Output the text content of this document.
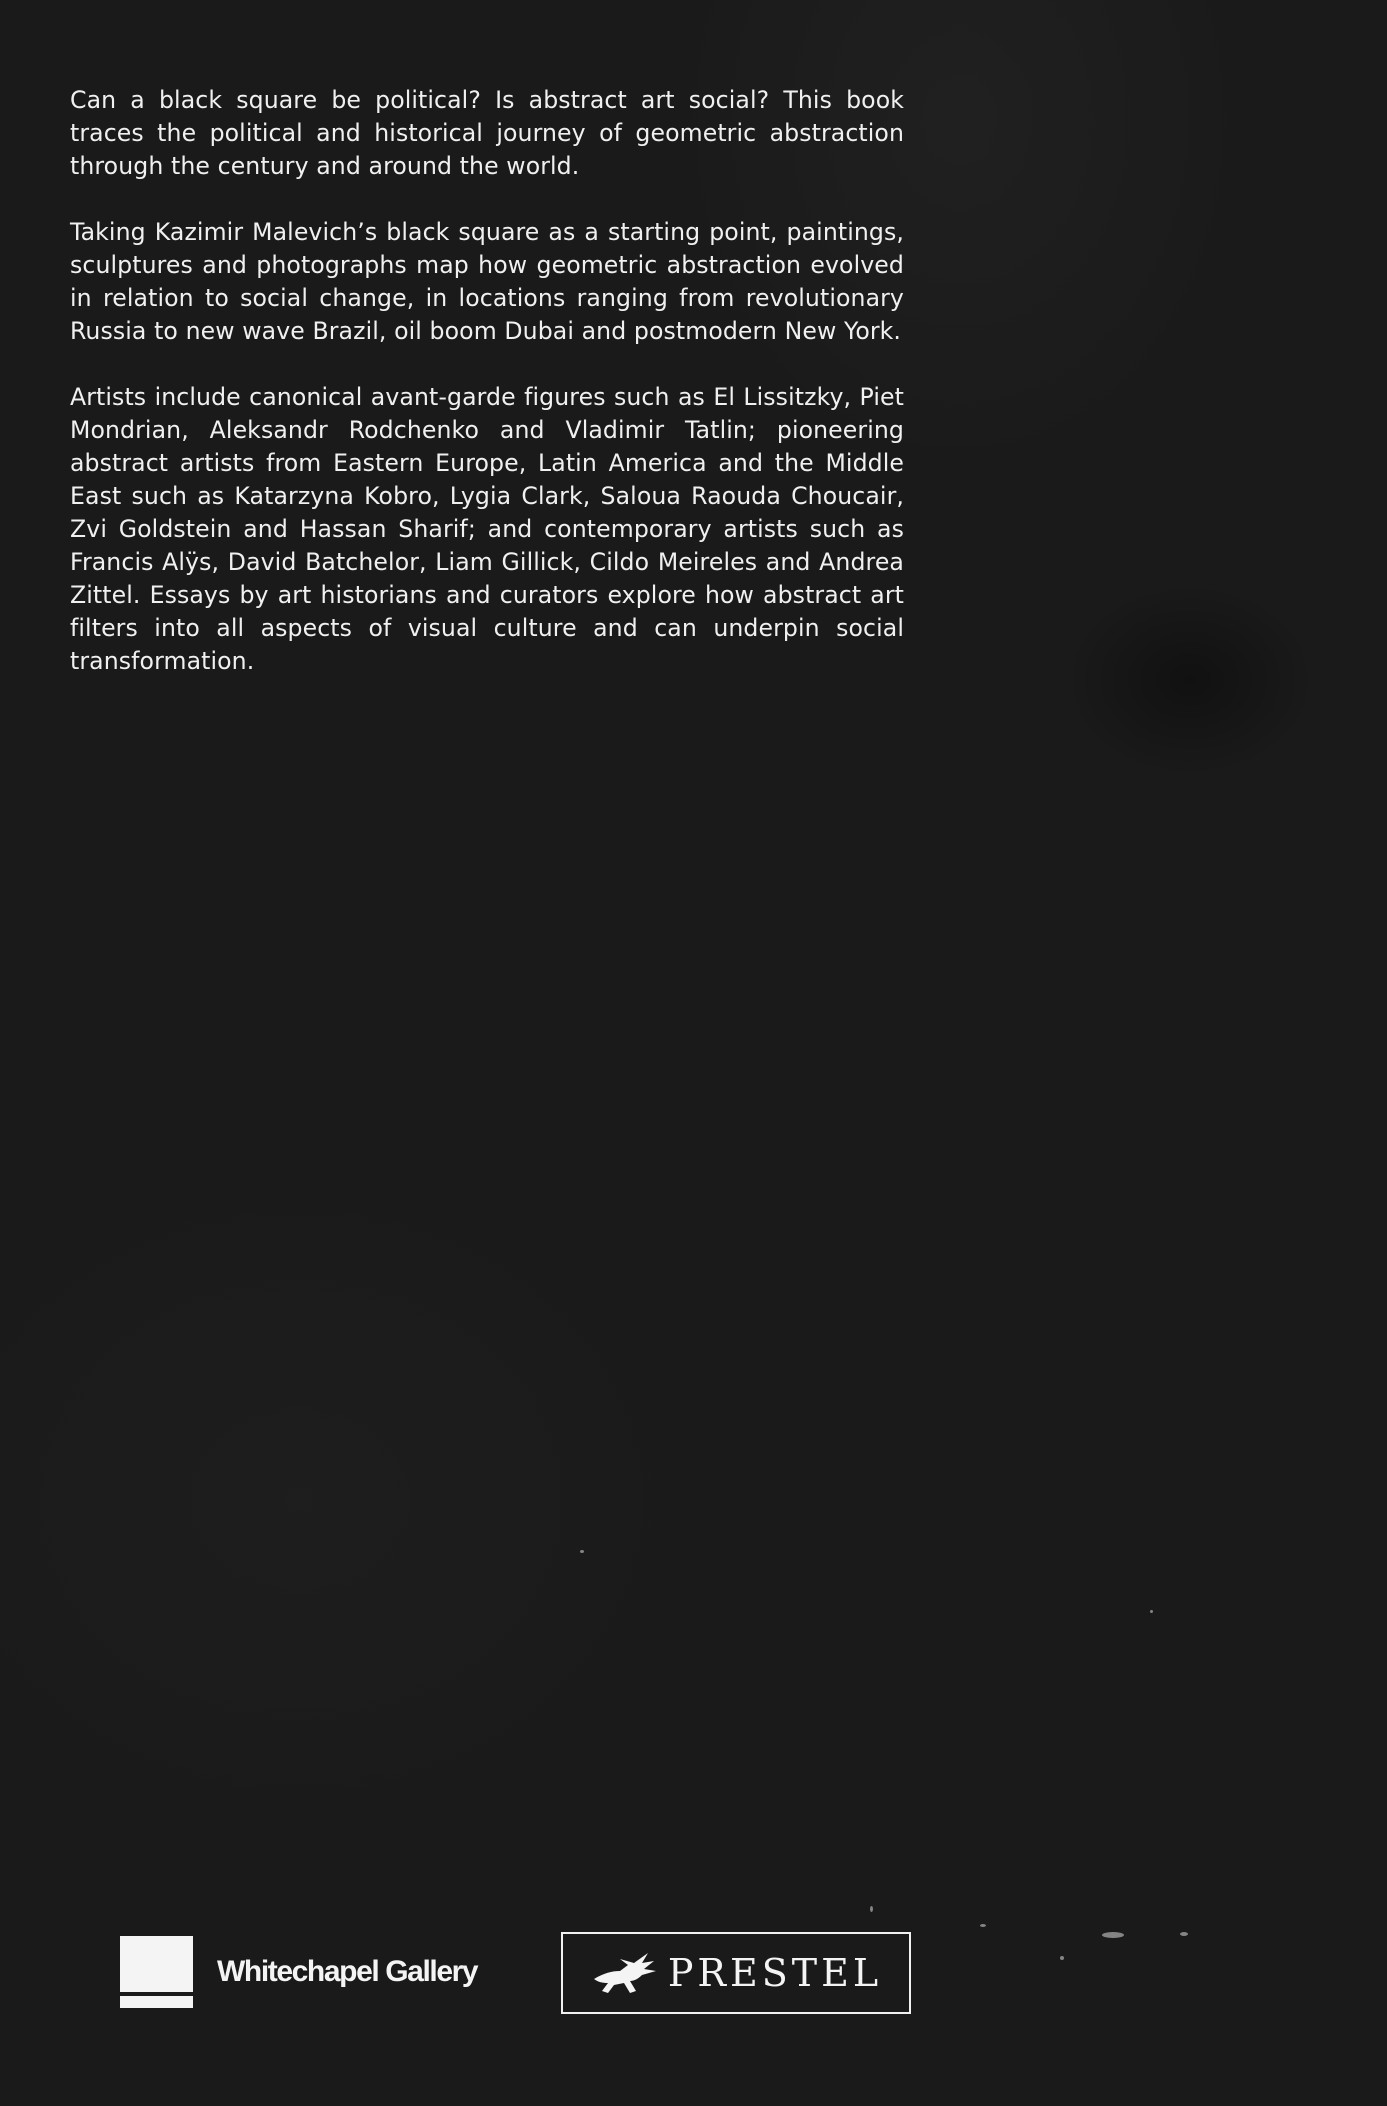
Can a black square be political? Is abstract art social? This book traces the political and historical journey of geometric abstraction through the century and around the world.

Taking Kazimir Malevich’s black square as a starting point, paintings, sculptures and photographs map how geometric abstraction evolved in relation to social change, in locations ranging from revolutionary Russia to new wave Brazil, oil boom Dubai and postmodern New York.

Artists include canonical avant-garde figures such as El Lissitzky, Piet Mondrian, Aleksandr Rodchenko and Vladimir Tatlin; pioneering abstract artists from Eastern Europe, Latin America and the Middle East such as Katarzyna Kobro, Lygia Clark, Saloua Raouda Choucair, Zvi Goldstein and Hassan Sharif; and contemporary artists such as Francis Alÿs, David Batchelor, Liam Gillick, Cildo Meireles and Andrea Zittel. Essays by art historians and curators explore how abstract art filters into all aspects of visual culture and can underpin social transformation.

Whitechapel Gallery	PRESTEL
